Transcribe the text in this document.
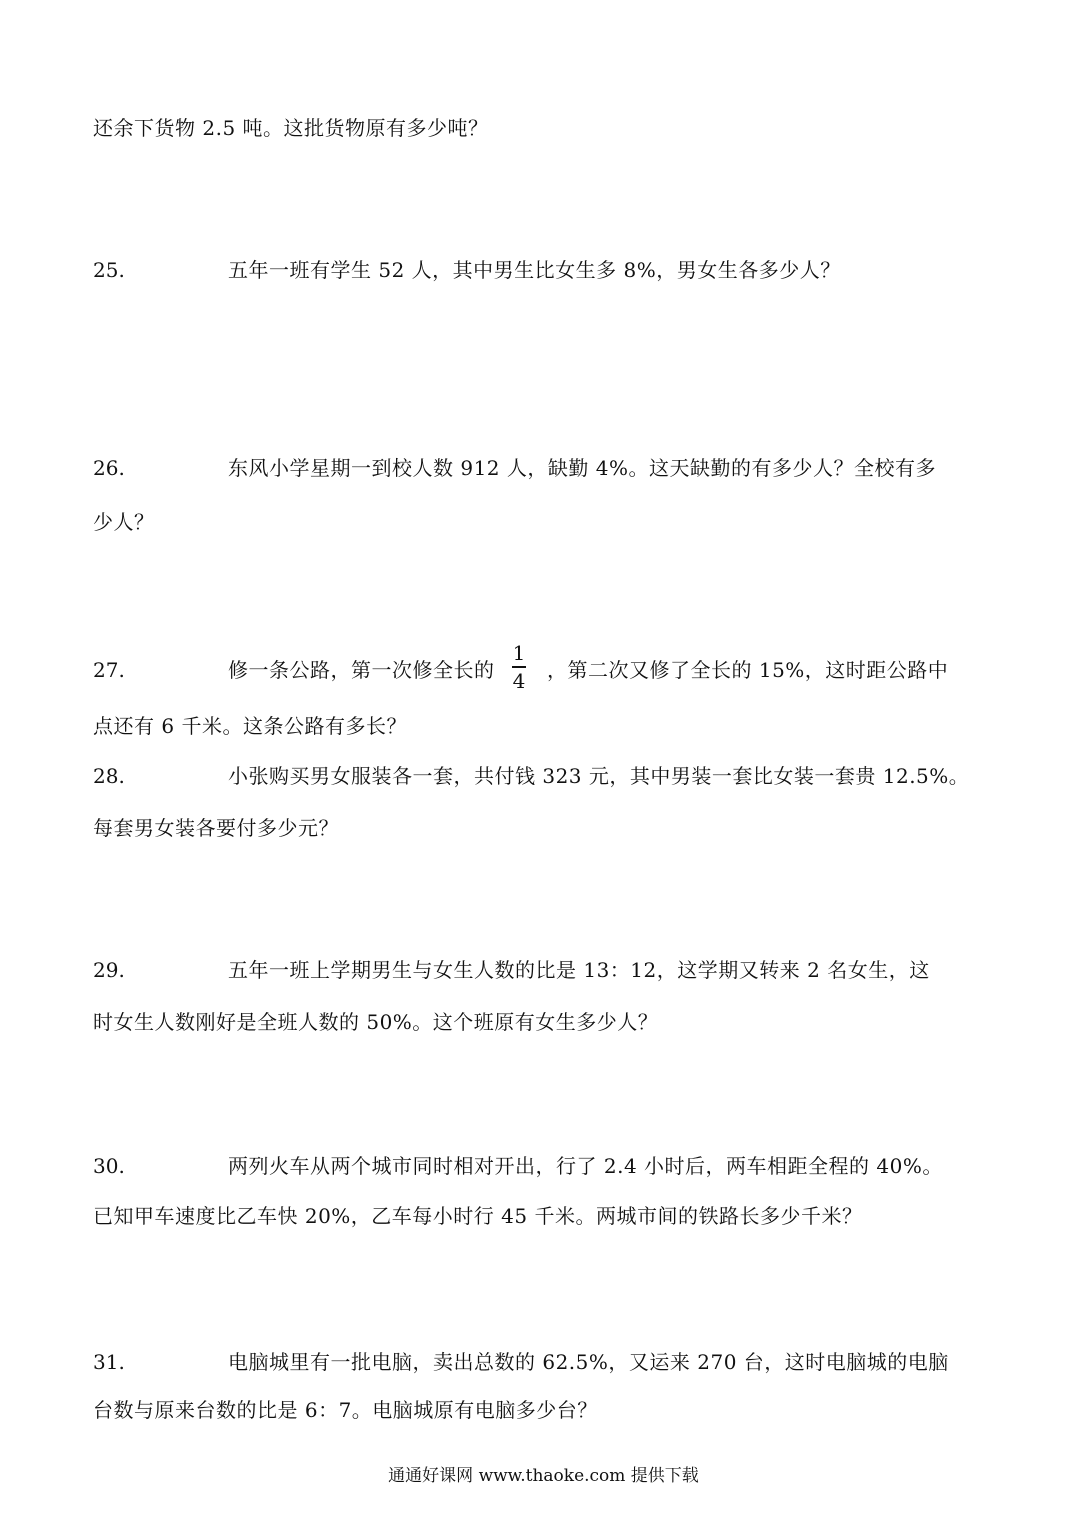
还余下货物 2.5 吨。这批货物原有多少吨？
25.	五年一班有学生 52 人，其中男生比女生多 8%，男女生各多少人？
26.	东风小学星期一到校人数 912 人，缺勤 4%。这天缺勤的有多少人？全校有多
少人？
27.	修一条公路，第一次修全长的
1
4 ，第二次又修了全长的 15%，这时距公路中
点还有 6 千米。这条公路有多长？
28.	小张购买男女服装各一套，共付钱 323 元，其中男装一套比女装一套贵 12.5%。
每套男女装各要付多少元？
29.	五年一班上学期男生与女生人数的比是 13：12，这学期又转来 2 名女生，这
时女生人数刚好是全班人数的 50%。这个班原有女生多少人？
30.	两列火车从两个城市同时相对开出，行了 2.4 小时后，两车相距全程的 40%。
已知甲车速度比乙车快 20%，乙车每小时行 45 千米。两城市间的铁路长多少千米？
31.	电脑城里有一批电脑，卖出总数的 62.5%，又运来 270 台，这时电脑城的电脑
台数与原来台数的比是 6：7。电脑城原有电脑多少台？
通通好课网 www.thaoke.com 提供下载
